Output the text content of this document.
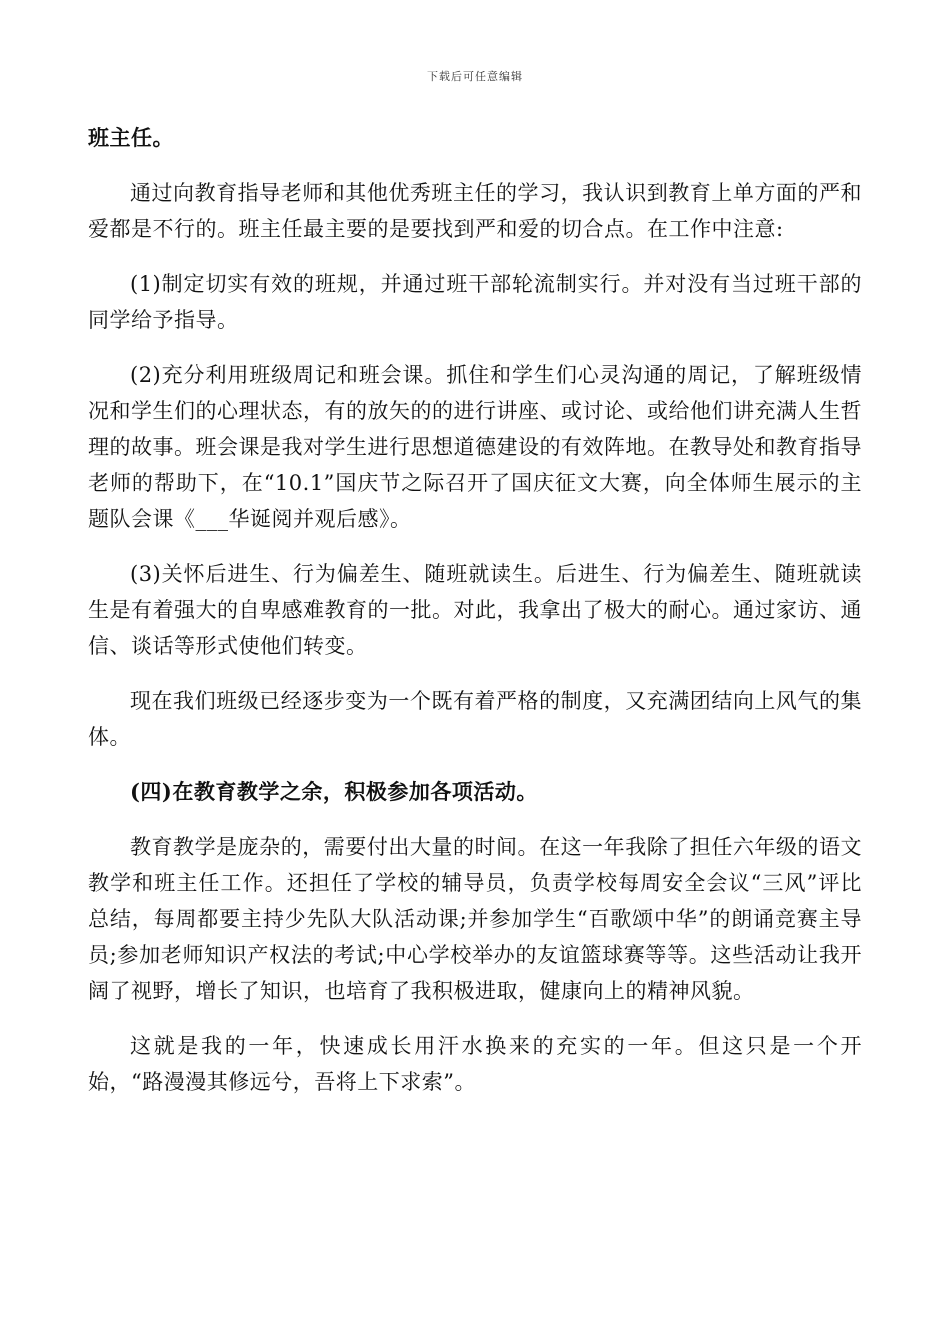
下载后可任意编辑

班主任。

通过向教育指导老师和其他优秀班主任的学习，我认识到教育上单方面的严和爱都是不行的。班主任最主要的是要找到严和爱的切合点。在工作中注意:

(1)制定切实有效的班规，并通过班干部轮流制实行。并对没有当过班干部的同学给予指导。

(2)充分利用班级周记和班会课。抓住和学生们心灵沟通的周记，了解班级情况和学生们的心理状态，有的放矢的的进行讲座、或讨论、或给他们讲充满人生哲理的故事。班会课是我对学生进行思想道德建设的有效阵地。在教导处和教育指导老师的帮助下，在“10.1”国庆节之际召开了国庆征文大赛，向全体师生展示的主题队会课《___华诞阅并观后感》。

(3)关怀后进生、行为偏差生、随班就读生。后进生、行为偏差生、随班就读生是有着强大的自卑感难教育的一批。对此，我拿出了极大的耐心。通过家访、通信、谈话等形式使他们转变。

现在我们班级已经逐步变为一个既有着严格的制度，又充满团结向上风气的集体。

(四)在教育教学之余，积极参加各项活动。

教育教学是庞杂的，需要付出大量的时间。在这一年我除了担任六年级的语文教学和班主任工作。还担任了学校的辅导员，负责学校每周安全会议“三风”评比总结，每周都要主持少先队大队活动课;并参加学生“百歌颂中华”的朗诵竞赛主导员;参加老师知识产权法的考试;中心学校举办的友谊篮球赛等等。这些活动让我开阔了视野，增长了知识，也培育了我积极进取，健康向上的精神风貌。

这就是我的一年，快速成长用汗水换来的充实的一年。但这只是一个开始，“路漫漫其修远兮，吾将上下求索”。
